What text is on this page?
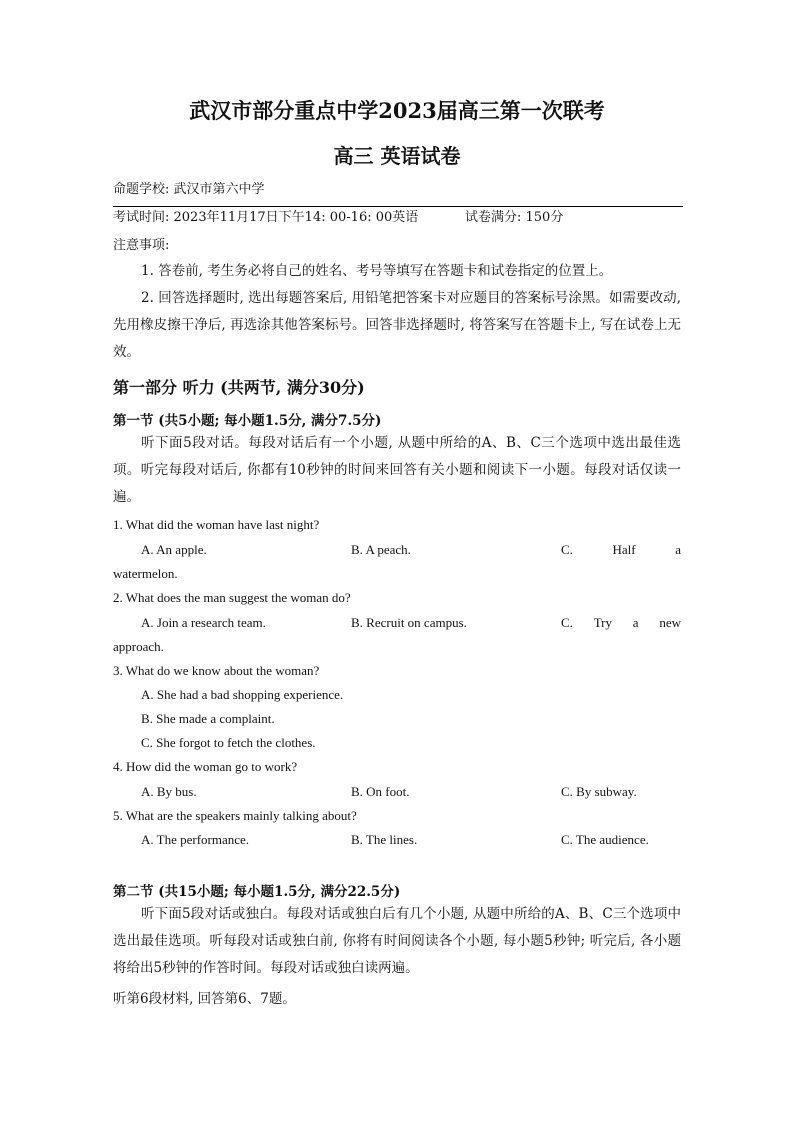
武汉市部分重点中学2023届高三第一次联考
高三 英语试卷
命题学校: 武汉市第六中学
考试时间: 2023年11月17日下午14: 00-16: 00英语	试卷满分: 150分
注意事项:
1. 答卷前, 考生务必将自己的姓名、考号等填写在答题卡和试卷指定的位置上。
2. 回答选择题时, 选出每题答案后, 用铅笔把答案卡对应题目的答案标号涂黑。如需要改动, 先用橡皮擦干净后, 再选涂其他答案标号。回答非选择题时, 将答案写在答题卡上, 写在试卷上无效。
第一部分 听力 (共两节, 满分30分)
第一节 (共5小题; 每小题1.5分, 满分7.5分)
听下面5段对话。每段对话后有一个小题, 从题中所给的A、B、C三个选项中选出最佳选项。听完每段对话后, 你都有10秒钟的时间来回答有关小题和阅读下一小题。每段对话仅读一遍。
1. What did the woman have last night?
A. An apple.	B. A peach.	C.	Half	a
watermelon.
2. What does the man suggest the woman do?
A. Join a research team.	B. Recruit on campus.	C. Try a new
approach.
3. What do we know about the woman?
A. She had a bad shopping experience.
B. She made a complaint.
C. She forgot to fetch the clothes.
4. How did the woman go to work?
A. By bus.	B. On foot.	C. By subway.
5. What are the speakers mainly talking about?
A. The performance.	B. The lines.	C. The audience.
第二节 (共15小题; 每小题1.5分, 满分22.5分)
听下面5段对话或独白。每段对话或独白后有几个小题, 从题中所给的A、B、C三个选项中选出最佳选项。听每段对话或独白前, 你将有时间阅读各个小题, 每小题5秒钟; 听完后, 各小题将给出5秒钟的作答时间。每段对话或独白读两遍。
听第6段材料, 回答第6、7题。
